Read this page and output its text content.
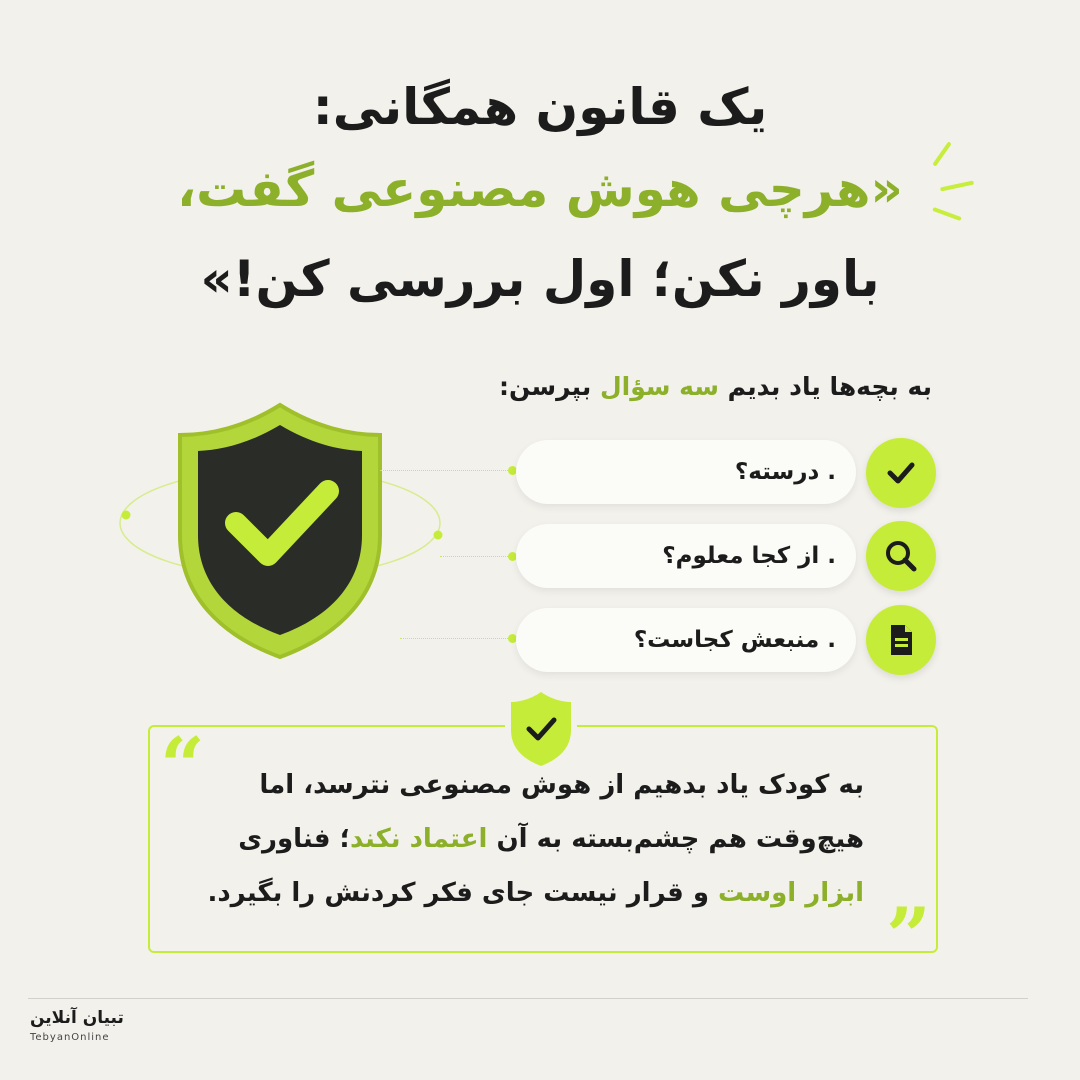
یک قانون همگانی:
«هرچی هوش مصنوعی گفت،
باور نکن؛ اول بررسی کن!»
به بچه‌ها یاد بدیم سه سؤال بپرسن:
. درسته؟
. از کجا معلوم؟
. منبعش کجاست؟
“
”
به کودک یاد بدهیم از هوش مصنوعی نترسد، اما
هیچ‌وقت هم چشم‌بسته به آن اعتماد نکند؛ فناوری
ابزار اوست و قرار نیست جای فکر کردنش را بگیرد.
تبیان آنلاین
TebyanOnline
